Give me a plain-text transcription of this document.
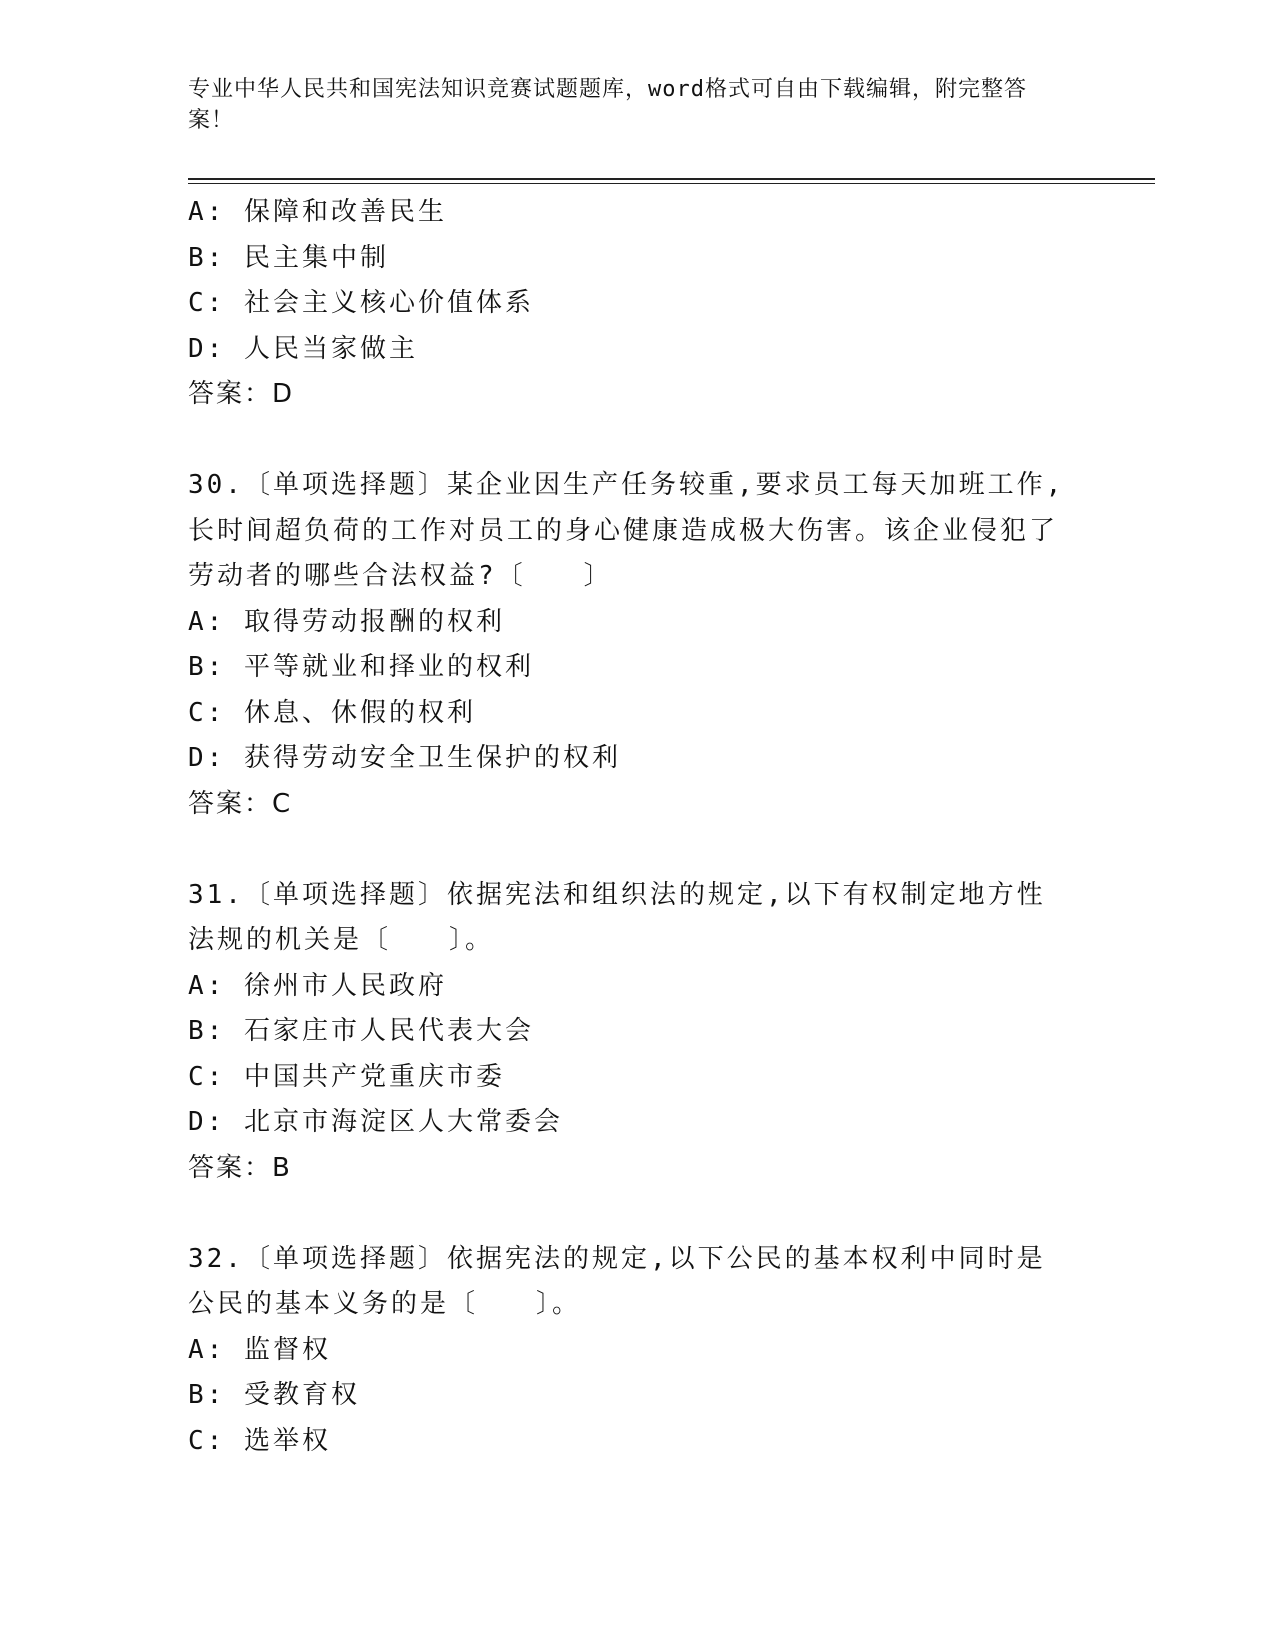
专业中华人民共和国宪法知识竞赛试题题库，word格式可自由下载编辑，附完整答案！
A: 保障和改善民生
B: 民主集中制
C: 社会主义核心价值体系
D: 人民当家做主
答案：D
30.〔单项选择题〕某企业因生产任务较重,要求员工每天加班工作,长时间超负荷的工作对员工的身心健康造成极大伤害。该企业侵犯了劳动者的哪些合法权益?〔　　〕
A: 取得劳动报酬的权利
B: 平等就业和择业的权利
C: 休息、休假的权利
D: 获得劳动安全卫生保护的权利
答案：C
31.〔单项选择题〕依据宪法和组织法的规定,以下有权制定地方性法规的机关是〔　　〕。
A: 徐州市人民政府
B: 石家庄市人民代表大会
C: 中国共产党重庆市委
D: 北京市海淀区人大常委会
答案：B
32.〔单项选择题〕依据宪法的规定,以下公民的基本权利中同时是公民的基本义务的是〔　　〕。
A: 监督权
B: 受教育权
C: 选举权
